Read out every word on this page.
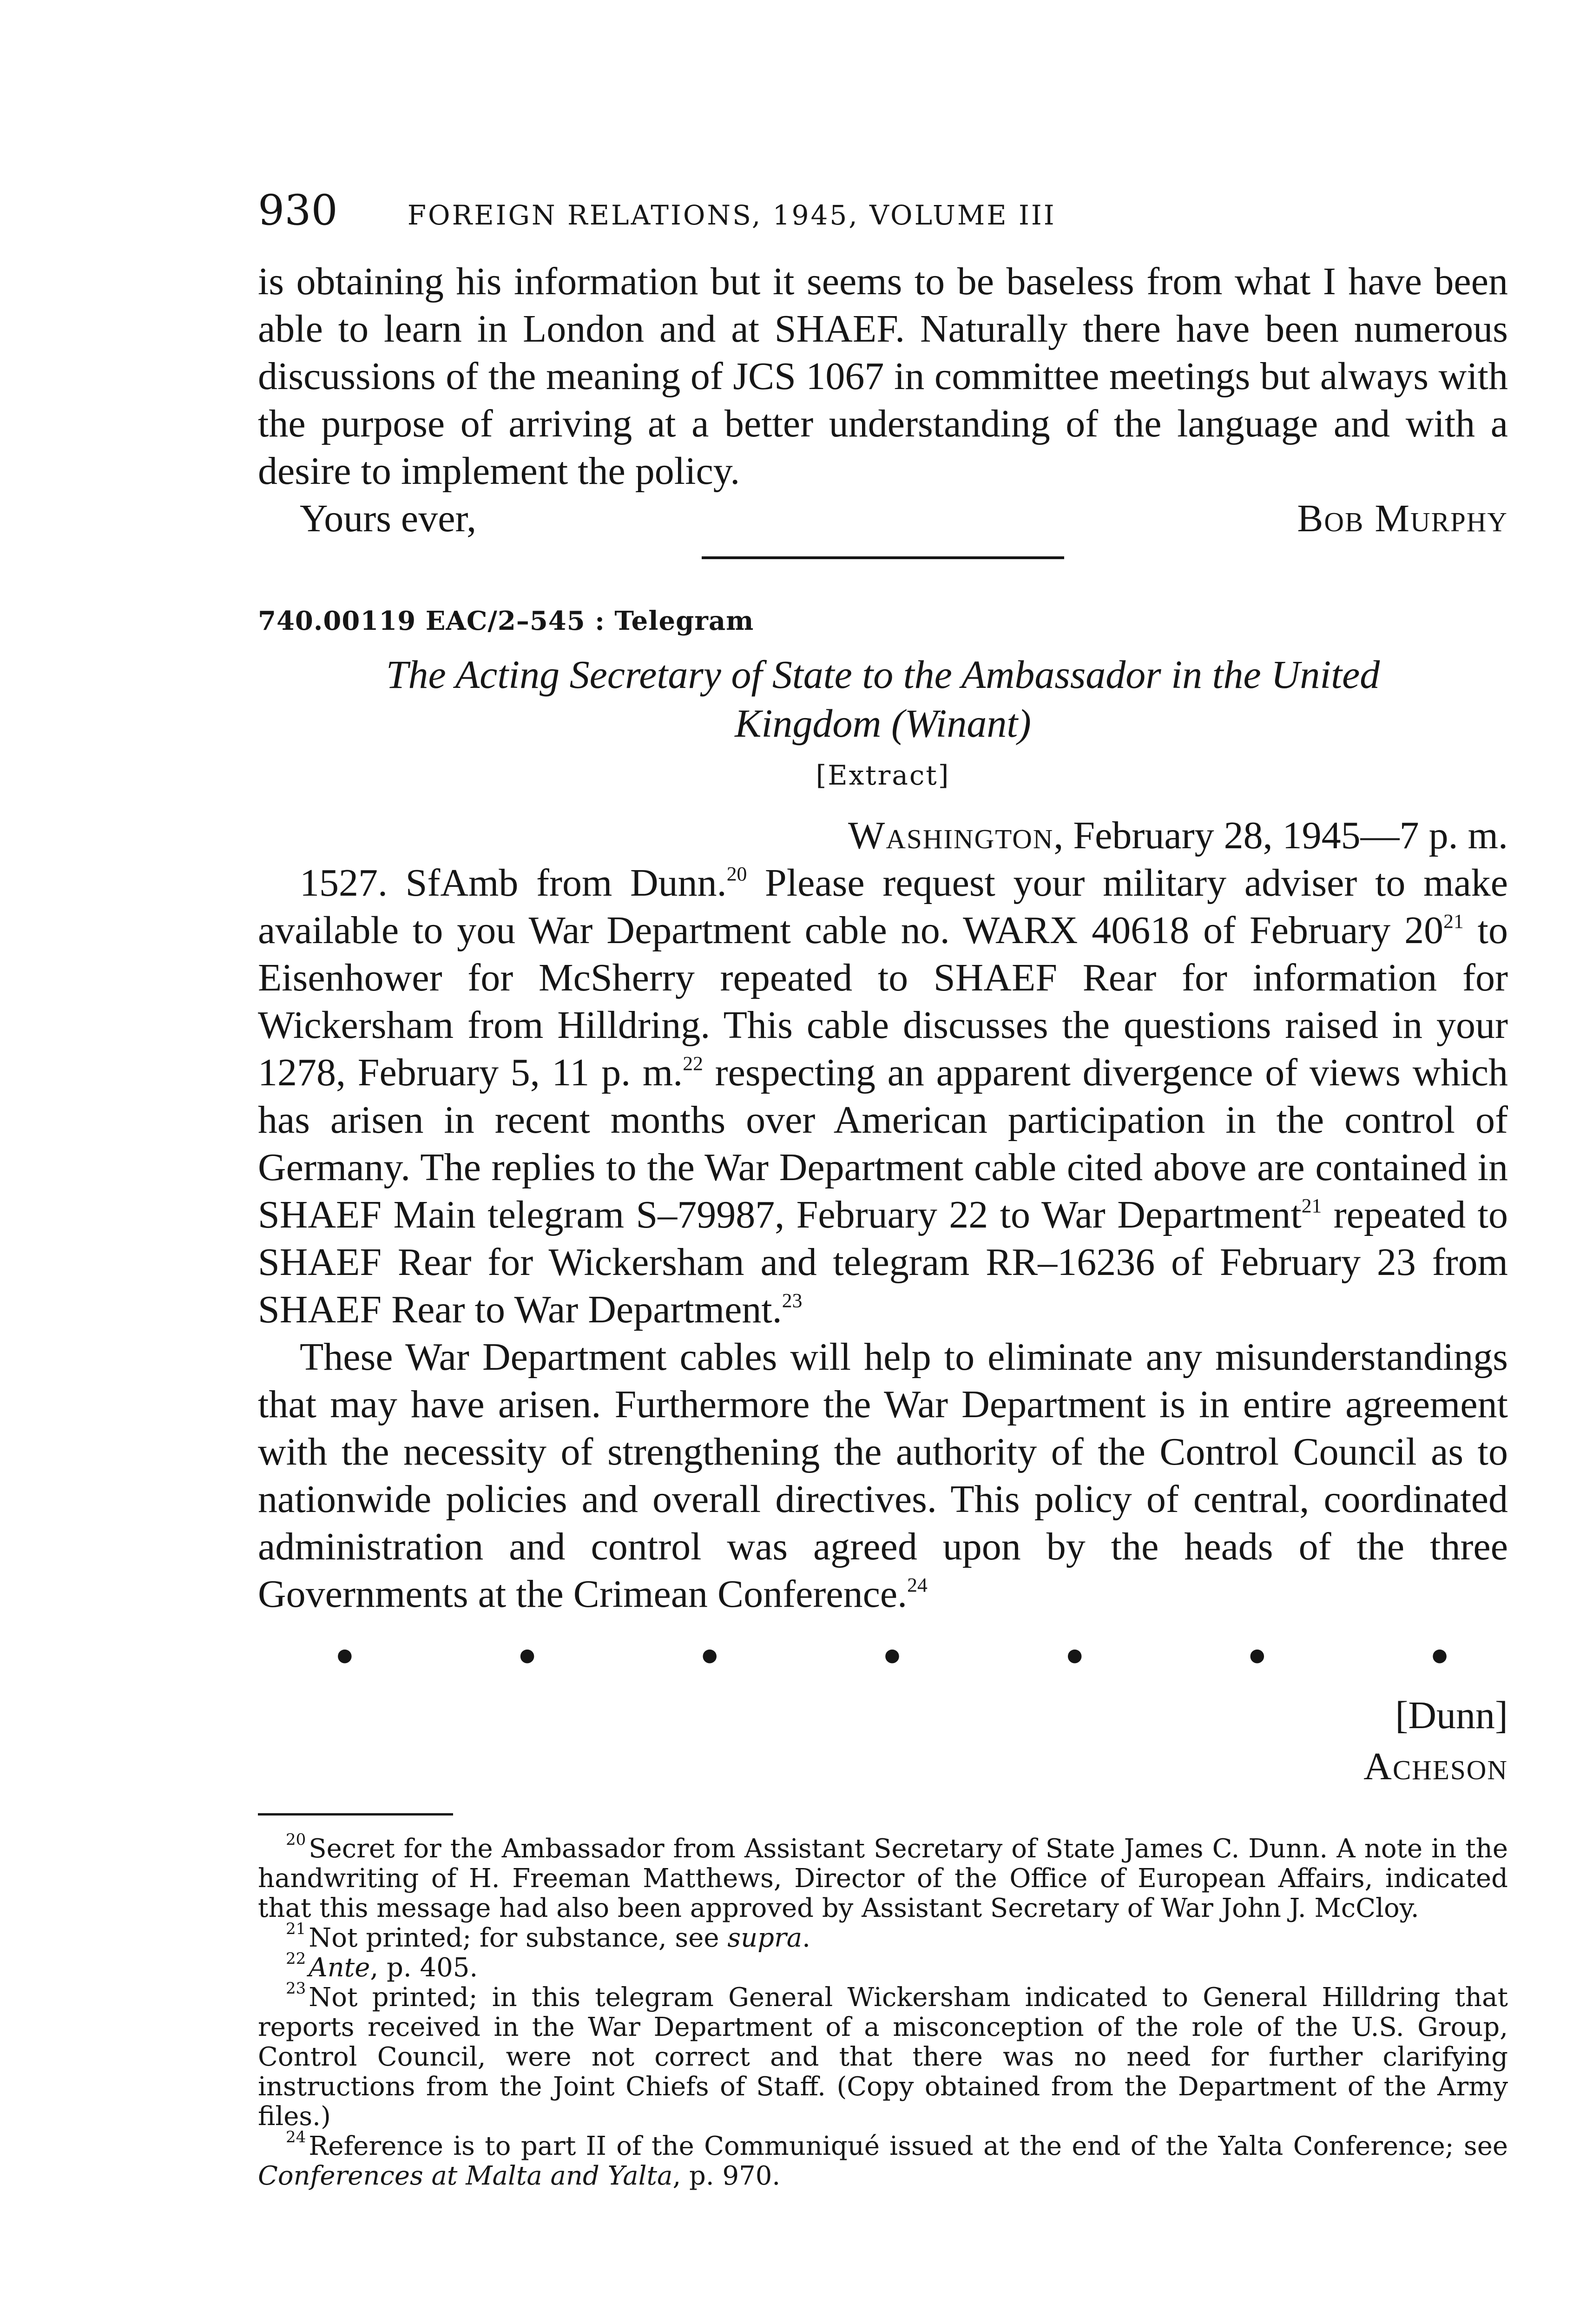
930	FOREIGN RELATIONS, 1945, VOLUME III

is obtaining his information but it seems to be baseless from what I have been able to learn in London and at SHAEF. Naturally there have been numerous discussions of the meaning of JCS 1067 in committee meetings but always with the purpose of arriving at a better understanding of the language and with a desire to implement the policy.

Yours ever,	Bob Murphy
740.00119 EAC/2–545 : Telegram
The Acting Secretary of State to the Ambassador in the United
Kingdom (Winant)
[Extract]
Washington, February 28, 1945—7 p. m.

1527. SfAmb from Dunn.$^{20}$ Please request your military adviser to make available to you War Department cable no. WARX 40618 of February $20^{21}$ to Eisenhower for McSherry repeated to SHAEF Rear for information for Wickersham from Hilldring. This cable discusses the questions raised in your 1278, February 5, 11 p. m.$^{22}$ respecting an apparent divergence of views which has arisen in recent months over American participation in the control of Germany. The replies to the War Department cable cited above are contained in SHAEF Main telegram S–79987, February 22 to War Department$^{21}$ repeated to SHAEF Rear for Wickersham and telegram RR–16236 of February 23 from SHAEF Rear to War Department.$^{23}$

These War Department cables will help to eliminate any misunderstandings that may have arisen. Furthermore the War Department is in entire agreement with the necessity of strengthening the authority of the Control Council as to nationwide policies and overall directives. This policy of central, coordinated administration and control was agreed upon by the heads of the three Governments at the Crimean Conference.$^{24}$

•	•	•	•	•	•	•
[Dunn]
Acheson

$^{20}$ Secret for the Ambassador from Assistant Secretary of State James C. Dunn. A note in the handwriting of H. Freeman Matthews, Director of the Office of European Affairs, indicated that this message had also been approved by Assistant Secretary of War John J. McCloy.

$^{21}$ Not printed; for substance, see supra.

$^{22}$ Ante, p. 405.

$^{23}$ Not printed; in this telegram General Wickersham indicated to General Hilldring that reports received in the War Department of a misconception of the role of the U.S. Group, Control Council, were not correct and that there was no need for further clarifying instructions from the Joint Chiefs of Staff. (Copy obtained from the Department of the Army files.)

$^{24}$ Reference is to part II of the Communiqué issued at the end of the Yalta Conference; see Conferences at Malta and Yalta, p. 970.
